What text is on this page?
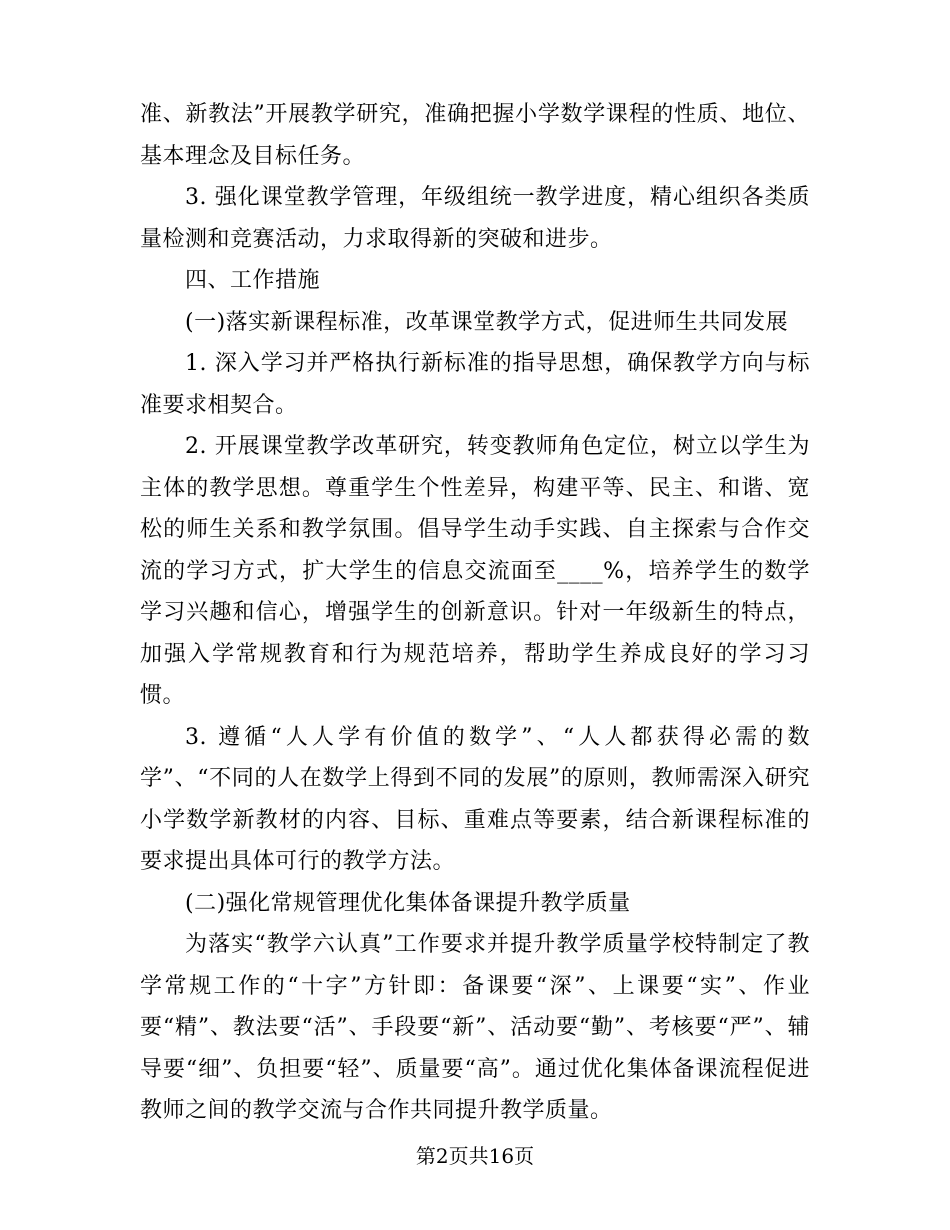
准、新教法”开展教学研究，准确把握小学数学课程的性质、地位、基本理念及目标任务。

3. 强化课堂教学管理，年级组统一教学进度，精心组织各类质量检测和竞赛活动，力求取得新的突破和进步。

四、工作措施

(一)落实新课程标准，改革课堂教学方式，促进师生共同发展

1. 深入学习并严格执行新标准的指导思想，确保教学方向与标准要求相契合。

2. 开展课堂教学改革研究，转变教师角色定位，树立以学生为主体的教学思想。尊重学生个性差异，构建平等、民主、和谐、宽松的师生关系和教学氛围。倡导学生动手实践、自主探索与合作交流的学习方式，扩大学生的信息交流面至____%，培养学生的数学学习兴趣和信心，增强学生的创新意识。针对一年级新生的特点，加强入学常规教育和行为规范培养，帮助学生养成良好的学习习惯。

3. 遵循“人人学有价值的数学”、“人人都获得必需的数学”、“不同的人在数学上得到不同的发展”的原则，教师需深入研究小学数学新教材的内容、目标、重难点等要素，结合新课程标准的要求提出具体可行的教学方法。

(二)强化常规管理优化集体备课提升教学质量

为落实“教学六认真”工作要求并提升教学质量学校特制定了教学常规工作的“十字”方针即：备课要“深”、上课要“实”、作业要“精”、教法要“活”、手段要“新”、活动要“勤”、考核要“严”、辅导要“细”、负担要“轻”、质量要“高”。通过优化集体备课流程促进教师之间的教学交流与合作共同提升教学质量。

第2页共16页
